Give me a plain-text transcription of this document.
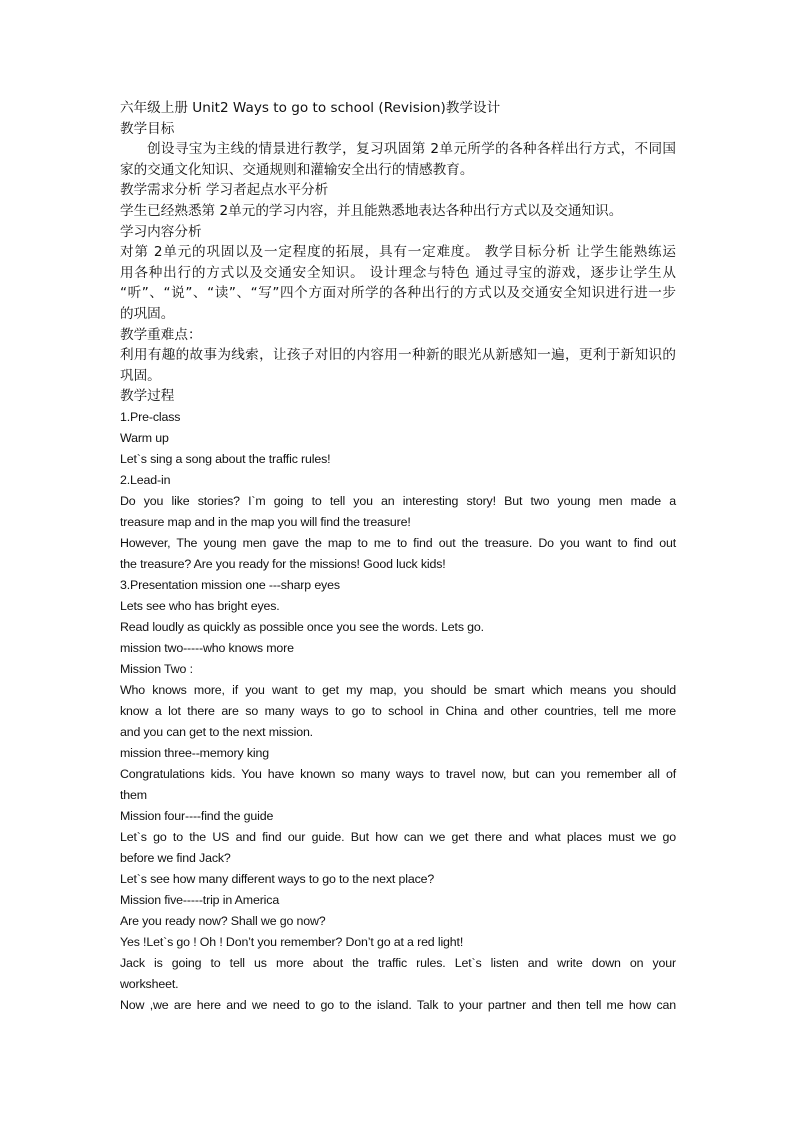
六年级上册 Unit2 Ways to go to school (Revision)教学设计

教学目标

创设寻宝为主线的情景进行教学，复习巩固第 2单元所学的各种各样出行方式，不同国

家的交通文化知识、交通规则和灌输安全出行的情感教育。

教学需求分析 学习者起点水平分析

学生已经熟悉第 2单元的学习内容，并且能熟悉地表达各种出行方式以及交通知识。

学习内容分析

对第 2单元的巩固以及一定程度的拓展，具有一定难度。 教学目标分析 让学生能熟练运

用各种出行的方式以及交通安全知识。 设计理念与特色 通过寻宝的游戏，逐步让学生从

“听”、“说”、“读”、“写”四个方面对所学的各种出行的方式以及交通安全知识进行进一步

的巩固。

教学重难点：

利用有趣的故事为线索，让孩子对旧的内容用一种新的眼光从新感知一遍，更利于新知识的

巩固。

教学过程

1.Pre-class

Warm up

Let`s sing a song about the traffic rules!

2.Lead-in

Do you like stories? I`m going to tell you an interesting story! But two young men made a

treasure map and in the map you will find the treasure!

However, The young men gave the map to me to find out the treasure. Do you want to find out

the treasure? Are you ready for the missions! Good luck kids!

3.Presentation mission one ---sharp eyes

Lets see who has bright eyes.

Read loudly as quickly as possible once you see the words. Lets go.

mission two-----who knows more

Mission Two :

Who knows more, if you want to get my map, you should be smart which means you should

know a lot there are so many ways to go to school in China and other countries, tell me more

and you can get to the next mission.

mission three--memory king

Congratulations kids. You have known so many ways to travel now, but can you remember all of

them

Mission four----find the guide

Let`s go to the US and find our guide. But how can we get there and what places must we go

before we find Jack?

Let`s see how many different ways to go to the next place?

Mission five-----trip in America

Are you ready now? Shall we go now?

Yes !Let`s go ! Oh ! Don’t you remember? Don’t go at a red light!

Jack is going to tell us more about the traffic rules. Let`s listen and write down on your

worksheet.

Now ,we are here and we need to go to the island. Talk to your partner and then tell me how can
